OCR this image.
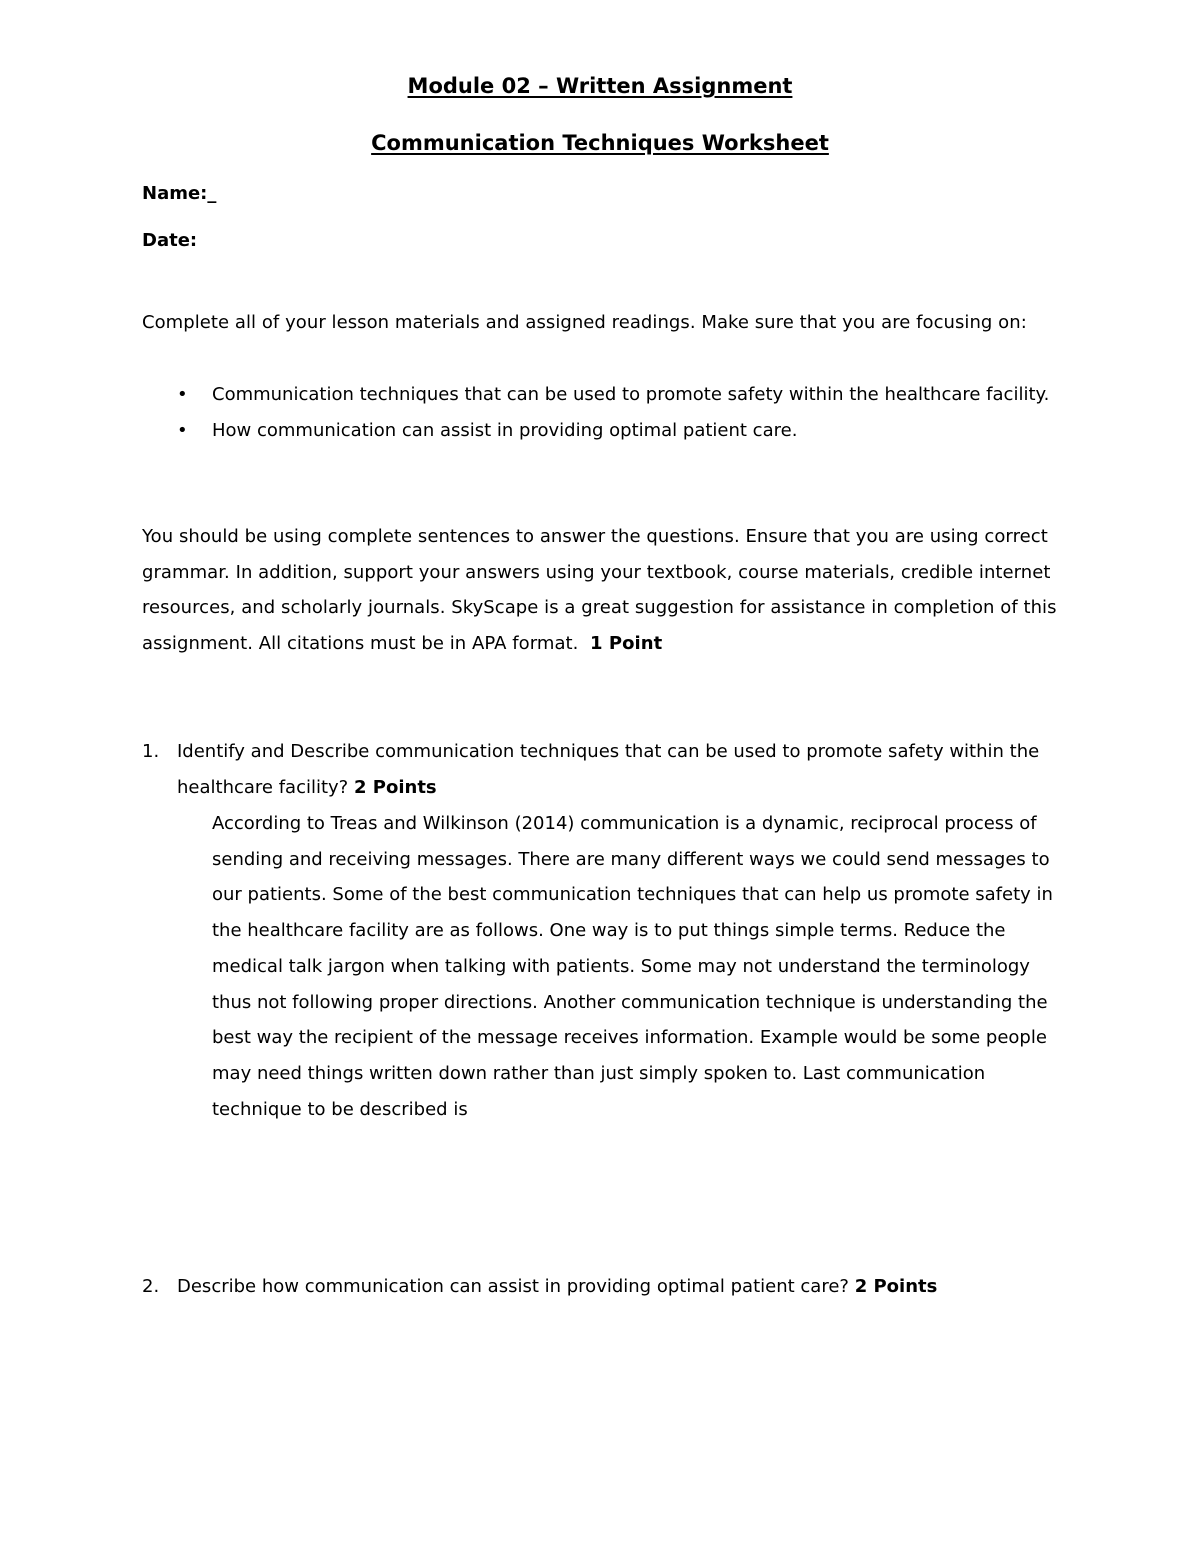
Module 02 – Written Assignment
Communication Techniques Worksheet
Name:_
Date:
Complete all of your lesson materials and assigned readings. Make sure that you are focusing on:
• Communication techniques that can be used to promote safety within the healthcare facility.
• How communication can assist in providing optimal patient care.
You should be using complete sentences to answer the questions. Ensure that you are using correct grammar. In addition, support your answers using your textbook, course materials, credible internet resources, and scholarly journals. SkyScape is a great suggestion for assistance in completion of this assignment. All citations must be in APA format. 1 Point
1. Identify and Describe communication techniques that can be used to promote safety within the healthcare facility? 2 Points
According to Treas and Wilkinson (2014) communication is a dynamic, reciprocal process of sending and receiving messages. There are many different ways we could send messages to our patients. Some of the best communication techniques that can help us promote safety in the healthcare facility are as follows. One way is to put things simple terms. Reduce the medical talk jargon when talking with patients. Some may not understand the terminology thus not following proper directions. Another communication technique is understanding the best way the recipient of the message receives information. Example would be some people may need things written down rather than just simply spoken to. Last communication technique to be described is
2. Describe how communication can assist in providing optimal patient care? 2 Points
